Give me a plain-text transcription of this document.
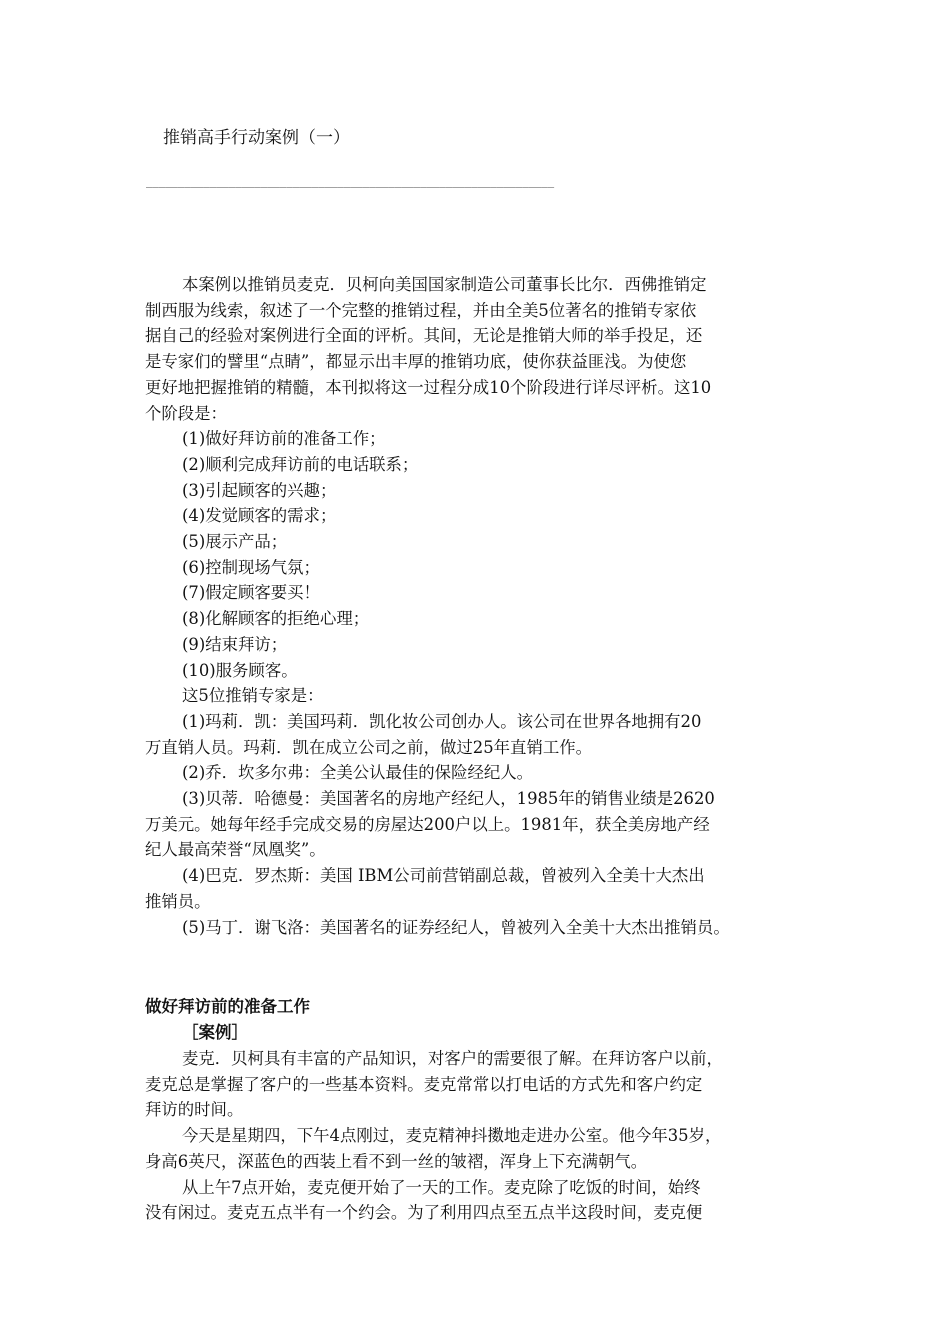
推销高手行动案例（一）
________________________________________________________________
本案例以推销员麦克．贝柯向美国国家制造公司董事长比尔．西佛推销定
制西服为线索，叙述了一个完整的推销过程，并由全美5位著名的推销专家依
据自己的经验对案例进行全面的评析。其间，无论是推销大师的举手投足，还
是专家们的譬里“点睛”，都显示出丰厚的推销功底，使你获益匪浅。为使您
更好地把握推销的精髓，本刊拟将这一过程分成10个阶段进行详尽评析。这10
个阶段是：
(1)做好拜访前的准备工作；
(2)顺利完成拜访前的电话联系；
(3)引起顾客的兴趣；
(4)发觉顾客的需求；
(5)展示产品；
(6)控制现场气氛；
(7)假定顾客要买！
(8)化解顾客的拒绝心理；
(9)结束拜访；
(10)服务顾客。
这5位推销专家是：
(1)玛莉．凯：美国玛莉．凯化妆公司创办人。该公司在世界各地拥有20
万直销人员。玛莉．凯在成立公司之前，做过25年直销工作。
(2)乔．坎多尔弗：全美公认最佳的保险经纪人。
(3)贝蒂．哈德曼：美国著名的房地产经纪人，1985年的销售业绩是2620
万美元。她每年经手完成交易的房屋达200户以上。1981年，获全美房地产经
纪人最高荣誉“凤凰奖”。
(4)巴克．罗杰斯：美国 IBM公司前营销副总裁，曾被列入全美十大杰出
推销员。
(5)马丁．谢飞洛：美国著名的证券经纪人，曾被列入全美十大杰出推销员。
做好拜访前的准备工作
［案例］
麦克．贝柯具有丰富的产品知识，对客户的需要很了解。在拜访客户以前，
麦克总是掌握了客户的一些基本资料。麦克常常以打电话的方式先和客户约定
拜访的时间。
今天是星期四，下午4点刚过，麦克精神抖擞地走进办公室。他今年35岁，
身高6英尺，深蓝色的西装上看不到一丝的皱褶，浑身上下充满朝气。
从上午7点开始，麦克便开始了一天的工作。麦克除了吃饭的时间，始终
没有闲过。麦克五点半有一个约会。为了利用四点至五点半这段时间，麦克便
